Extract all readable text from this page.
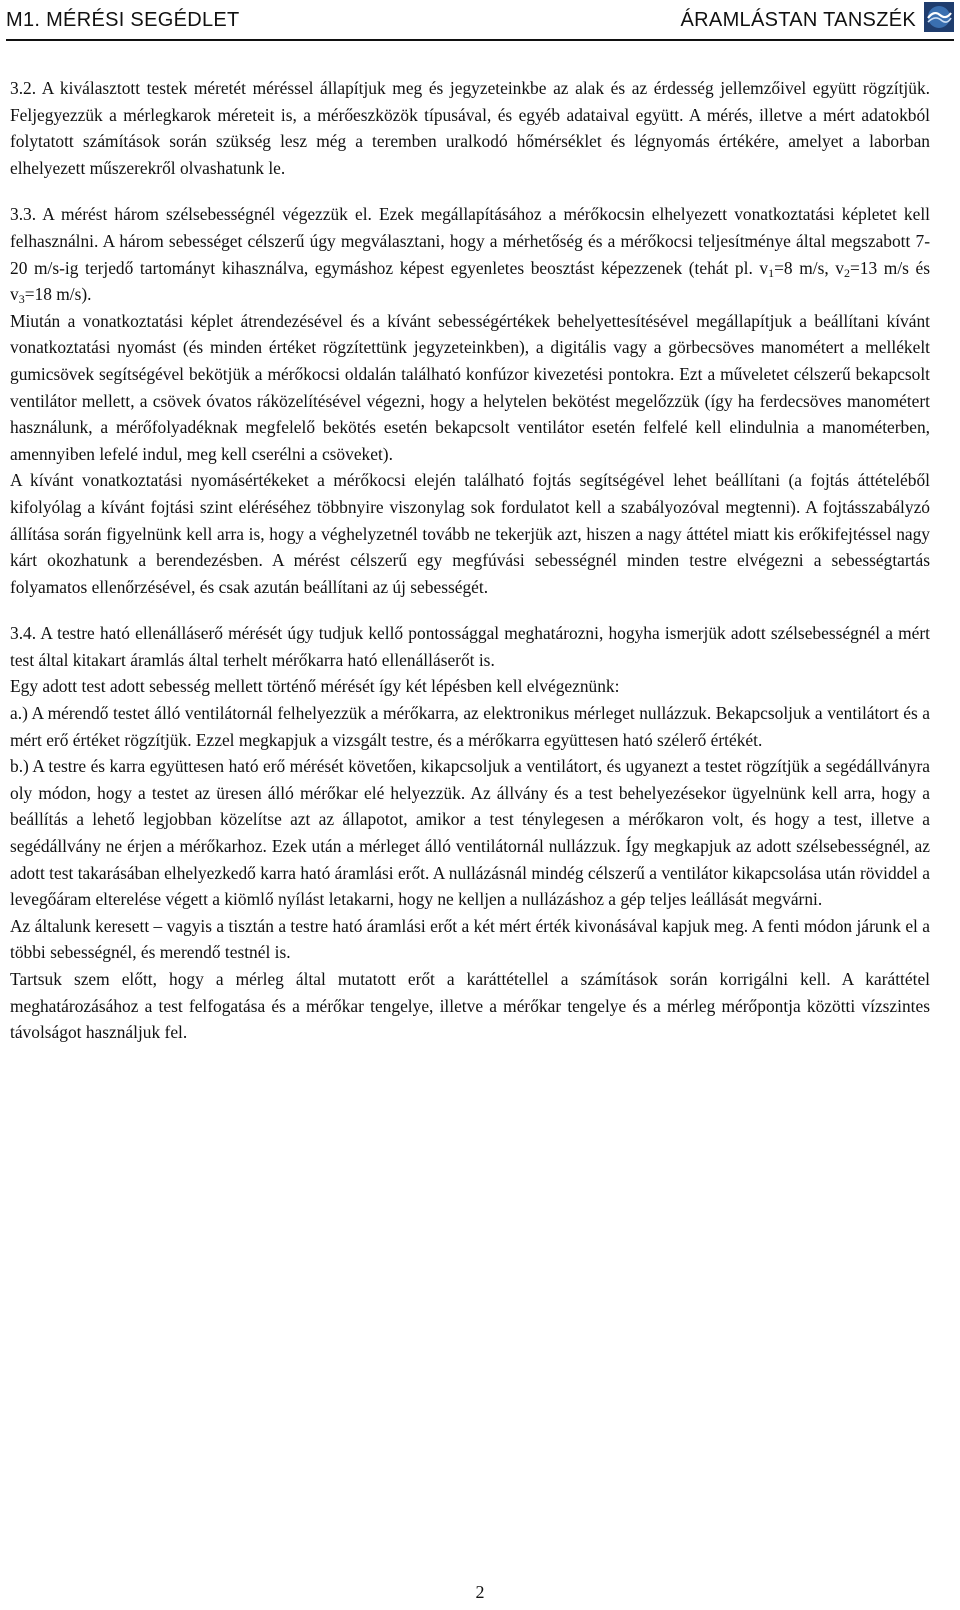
M1. MÉRÉSI SEGÉDLET	ÁRAMLÁSTAN TANSZÉK

3.2. A kiválasztott testek méretét méréssel állapítjuk meg és jegyzeteinkbe az alak és az érdesség jellemzőivel együtt rögzítjük. Feljegyezzük a mérlegkarok méreteit is, a mérőeszközök típusával, és egyéb adataival együtt. A mérés, illetve a mért adatokból folytatott számítások során szükség lesz még a teremben uralkodó hőmérséklet és légnyomás értékére, amelyet a laborban elhelyezett műszerekről olvashatunk le.

3.3. A mérést három szélsebességnél végezzük el. Ezek megállapításához a mérőkocsin elhelyezett vonatkoztatási képletet kell felhasználni. A három sebességet célszerű úgy megválasztani, hogy a mérhetőség és a mérőkocsi teljesítménye által megszabott 7-20 m/s-ig terjedő tartományt kihasználva, egymáshoz képest egyenletes beosztást képezzenek (tehát pl. $v_1=8$ m/s, $v_2=13$ m/s és $v_3=18$ m/s).

Miután a vonatkoztatási képlet átrendezésével és a kívánt sebességértékek behelyettesítésével megállapítjuk a beállítani kívánt vonatkoztatási nyomást (és minden értéket rögzítettünk jegyzeteinkben), a digitális vagy a görbecsöves manométert a mellékelt gumicsövek segítségével bekötjük a mérőkocsi oldalán található konfúzor kivezetési pontokra. Ezt a műveletet célszerű bekapcsolt ventilátor mellett, a csövek óvatos ráközelítésével végezni, hogy a helytelen bekötést megelőzzük (így ha ferdecsöves manométert használunk, a mérőfolyadéknak megfelelő bekötés esetén bekapcsolt ventilátor esetén felfelé kell elindulnia a manométerben, amennyiben lefelé indul, meg kell cserélni a csöveket).

A kívánt vonatkoztatási nyomásértékeket a mérőkocsi elején található fojtás segítségével lehet beállítani (a fojtás áttételéből kifolyólag a kívánt fojtási szint eléréséhez többnyire viszonylag sok fordulatot kell a szabályozóval megtenni). A fojtásszabályzó állítása során figyelnünk kell arra is, hogy a véghelyzetnél tovább ne tekerjük azt, hiszen a nagy áttétel miatt kis erőkifejtéssel nagy kárt okozhatunk a berendezésben. A mérést célszerű egy megfúvási sebességnél minden testre elvégezni a sebességtartás folyamatos ellenőrzésével, és csak azután beállítani az új sebességét.

3.4. A testre ható ellenálláserő mérését úgy tudjuk kellő pontossággal meghatározni, hogyha ismerjük adott szélsebességnél a mért test által kitakart áramlás által terhelt mérőkarra ható ellenálláserőt is.

Egy adott test adott sebesség mellett történő mérését így két lépésben kell elvégeznünk:

a.) A mérendő testet álló ventilátornál felhelyezzük a mérőkarra, az elektronikus mérleget nullázzuk. Bekapcsoljuk a ventilátort és a mért erő értéket rögzítjük. Ezzel megkapjuk a vizsgált testre, és a mérőkarra együttesen ható szélerő értékét.

b.) A testre és karra együttesen ható erő mérését követően, kikapcsoljuk a ventilátort, és ugyanezt a testet rögzítjük a segédállványra oly módon, hogy a testet az üresen álló mérőkar elé helyezzük. Az állvány és a test behelyezésekor ügyelnünk kell arra, hogy a beállítás a lehető legjobban közelítse azt az állapotot, amikor a test ténylegesen a mérőkaron volt, és hogy a test, illetve a segédállvány ne érjen a mérőkarhoz. Ezek után a mérleget álló ventilátornál nullázzuk. Így megkapjuk az adott szélsebességnél, az adott test takarásában elhelyezkedő karra ható áramlási erőt. A nullázásnál mindég célszerű a ventilátor kikapcsolása után röviddel a levegőáram elterelése végett a kiömlő nyílást letakarni, hogy ne kelljen a nullázáshoz a gép teljes leállását megvárni.

Az általunk keresett – vagyis a tisztán a testre ható áramlási erőt a két mért érték kivonásával kapjuk meg. A fenti módon járunk el a többi sebességnél, és merendő testnél is.

Tartsuk szem előtt, hogy a mérleg által mutatott erőt a karáttétellel a számítások során korrigálni kell. A karáttétel meghatározásához a test felfogatása és a mérőkar tengelye, illetve a mérőkar tengelye és a mérleg mérőpontja közötti vízszintes távolságot használjuk fel.

2
